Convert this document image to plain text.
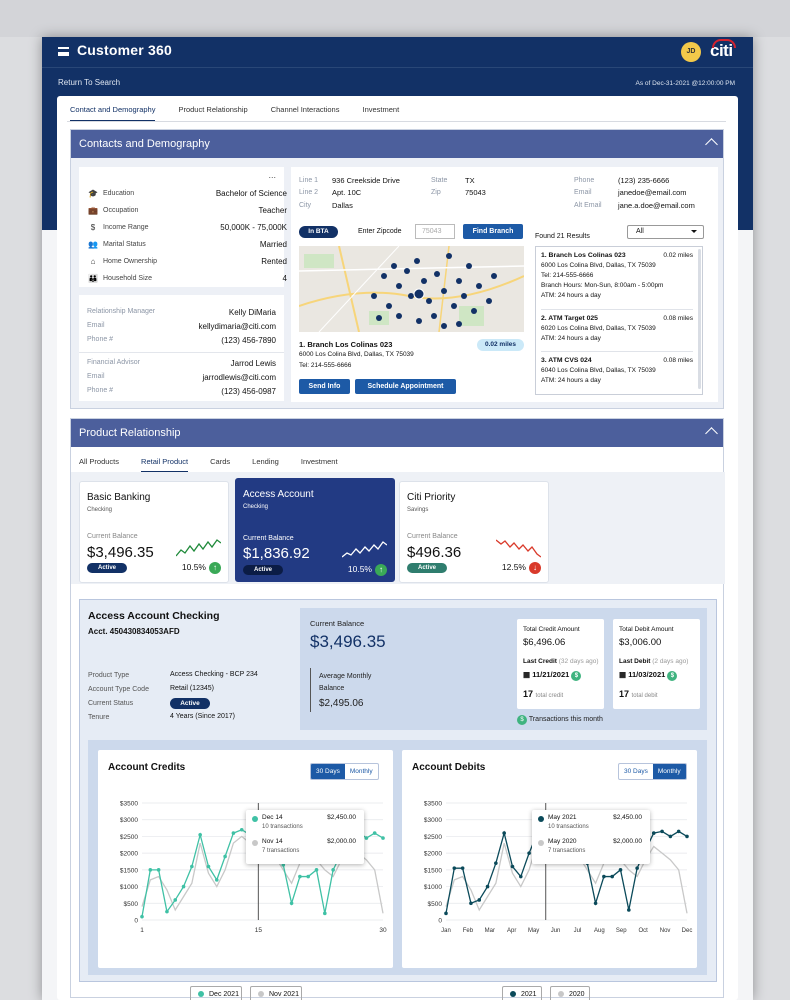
Customer 360	JD citi
Return To Search	As of Dec-31-2021 @12:00:00 PM
Contact and Demography	Product Relationship	Channel Interactions	Investment
Contacts and Demography
...
🎓 Education	Bachelor of Science
💼 Occupation	Teacher
$	Income Range	50,000K - 75,000K
👥 Marital Status	Married
⌂	Home Ownership	Rented
👪 Household Size	4
Relationship Manager	Kelly DiMaria
Email	kellydimaria@citi.com
Phone #	(123) 456-7890
Financial Advisor	Jarrod Lewis
Email	jarrodlewis@citi.com
Phone #	(123) 456-0987
Line 1 936 Creekside Drive
Line 2 Apt. 10C
City	Dallas
State TX
Zip	75043
Phone	(123) 235-6666
Email	janedoe@email.com
Alt Email jane.a.doe@email.com
In BTA	Enter Zipcode	75043	Find Branch
1. Branch Los Colinas 023
6000 Los Colina Blvd, Dallas, TX 75039
Tel: 214-555-6666
0.02 miles
Send Info	Schedule Appointment
Found 21 Results
All
1. Branch Los Colinas 023	0.02 miles
6000 Los Colina Blvd, Dallas, TX 75039
Tel: 214-555-6666
Branch Hours: Mon-Sun, 8:00am - 5:00pm
ATM: 24 hours a day
2. ATM Target 025	0.08 miles
6020 Los Colina Blvd, Dallas, TX 75039
ATM: 24 hours a day
3. ATM CVS 024	0.08 miles
6040 Los Colina Blvd, Dallas, TX 75039
ATM: 24 hours a day
Product Relationship
All Products	Retail Product	Cards	Lending	Investment
Basic Banking
Checking
Current Balance
$3,496.35
Active	10.5% ↑
Access Account
Checking
Current Balance
$1,836.92
Active	10.5% ↑
Citi Priority
Savings
Current Balance
$496.36
Active	12.5% ↓
Access Account Checking
Acct. 450430834053AFD
Product Type	Access Checking - BCP 234
Account Type Code	Retail (12345)
Current Status	Active
Tenure	4 Years (Since 2017)
Current Balance
$3,496.35
Average Monthly Balance
$2,495.06
Total Credit Amount
$6,496.06
Last Credit (32 days ago)
▦ 11/21/2021 $
17 total credit
Total Debit Amount
$3,006.00
Last Debit (2 days ago)
▦ 11/03/2021 $
17 total debit
$ Transactions this month
Account Credits	30 Days	Monthly
$3500
$3000
$2500
$2000
$1500
$1000
$500
0
1	15	30
Dec 14
10 transactions
$2,450.00
Nov 14
7 transactions
$2,000.00
Dec 2021	Nov 2021
Account Debits	30 Days	Monthly
$3500
$3000
$2500
$2000
$1500
$1000
$500
0
Jan Feb Mar Apr May Jun Jul Aug Sep Oct Nov Dec
May 2021
10 transactions
$2,450.00
May 2020
7 transactions
$2,000.00
2021	2020
